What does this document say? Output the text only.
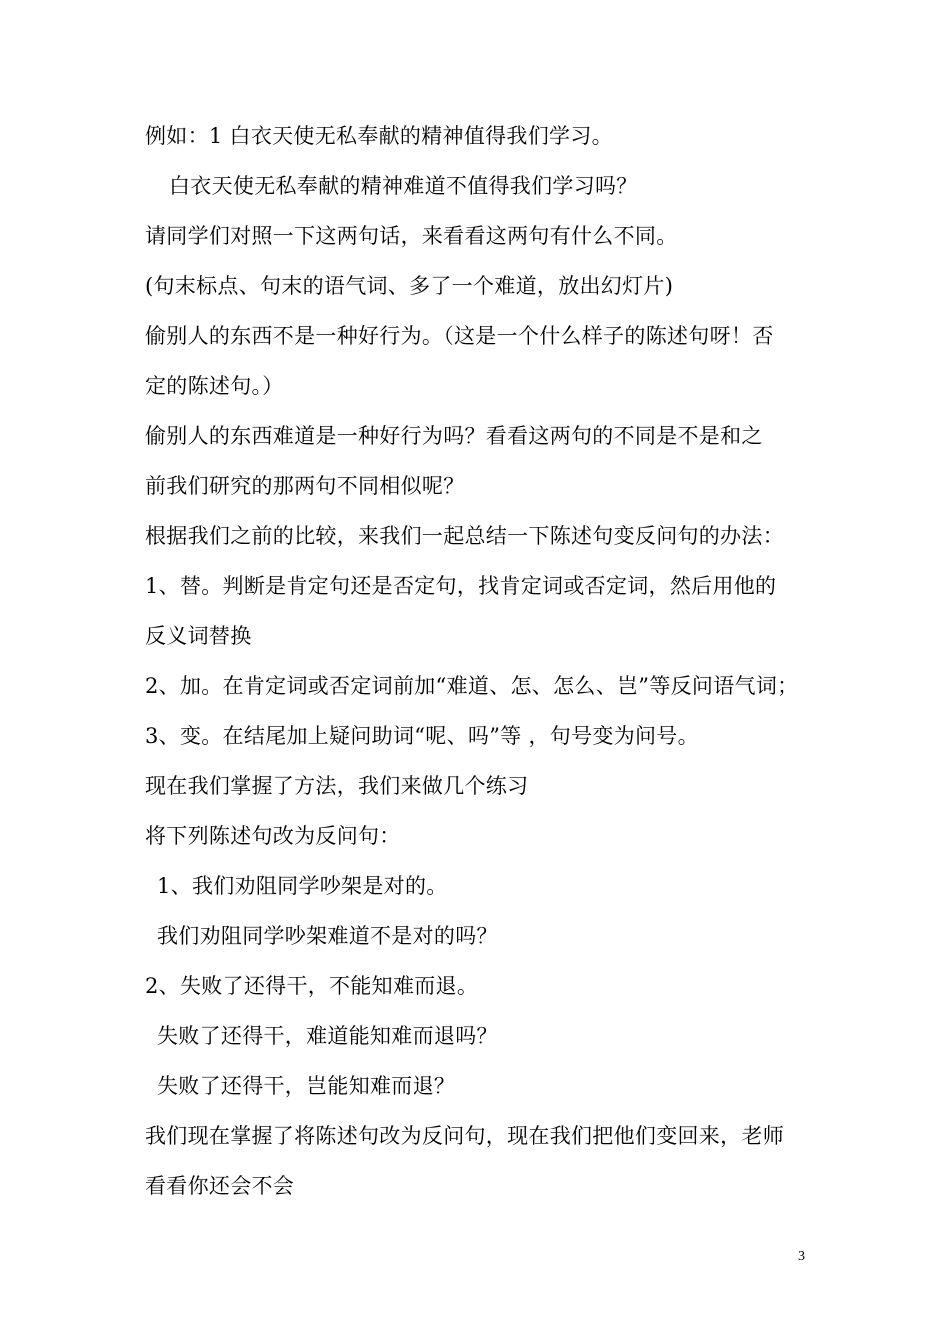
例如：1 白衣天使无私奉献的精神值得我们学习。
白衣天使无私奉献的精神难道不值得我们学习吗？
请同学们对照一下这两句话，来看看这两句有什么不同。
(句末标点、句末的语气词、多了一个难道，放出幻灯片)
偷别人的东西不是一种好行为。（这是一个什么样子的陈述句呀！否
定的陈述句。）
偷别人的东西难道是一种好行为吗？看看这两句的不同是不是和之
前我们研究的那两句不同相似呢？
根据我们之前的比较，来我们一起总结一下陈述句变反问句的办法：
1、替。判断是肯定句还是否定句，找肯定词或否定词，然后用他的
反义词替换
2、加。在肯定词或否定词前加“难道、怎、怎么、岂”等反问语气词；
3、变。在结尾加上疑问助词“呢、吗”等 ，句号变为问号。
现在我们掌握了方法，我们来做几个练习
将下列陈述句改为反问句：
1、我们劝阻同学吵架是对的。
我们劝阻同学吵架难道不是对的吗？
2、失败了还得干，不能知难而退。
失败了还得干，难道能知难而退吗？
失败了还得干，岂能知难而退？
我们现在掌握了将陈述句改为反问句，现在我们把他们变回来，老师
看看你还会不会
3
